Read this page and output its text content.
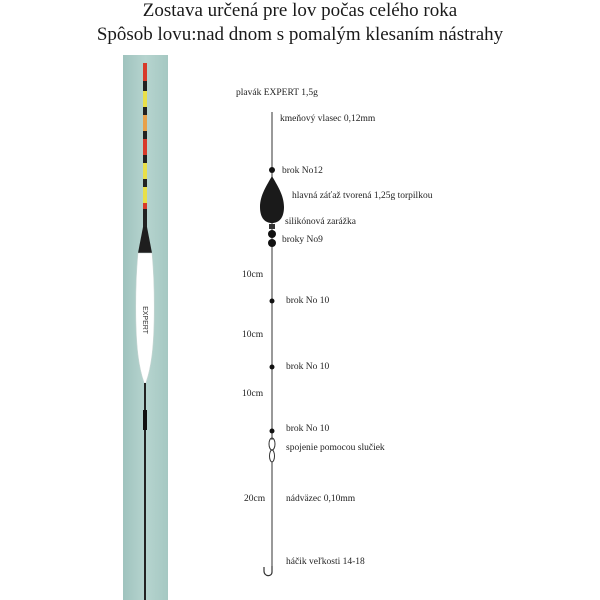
Zostava určená pre lov počas celého roka
Spôsob lovu:nad dnom s pomalým klesaním nástrahy
EXPERT
plavák EXPERT 1,5g
kmeňový vlasec 0,12mm
brok No12
hlavná záťaž tvorená 1,25g torpilkou
silikónová zarážka
broky No9
10cm
brok No 10
10cm
brok No 10
10cm
brok No 10
spojenie pomocou slučiek
20cm nádväzec 0,10mm
háčik veľkosti 14-18
